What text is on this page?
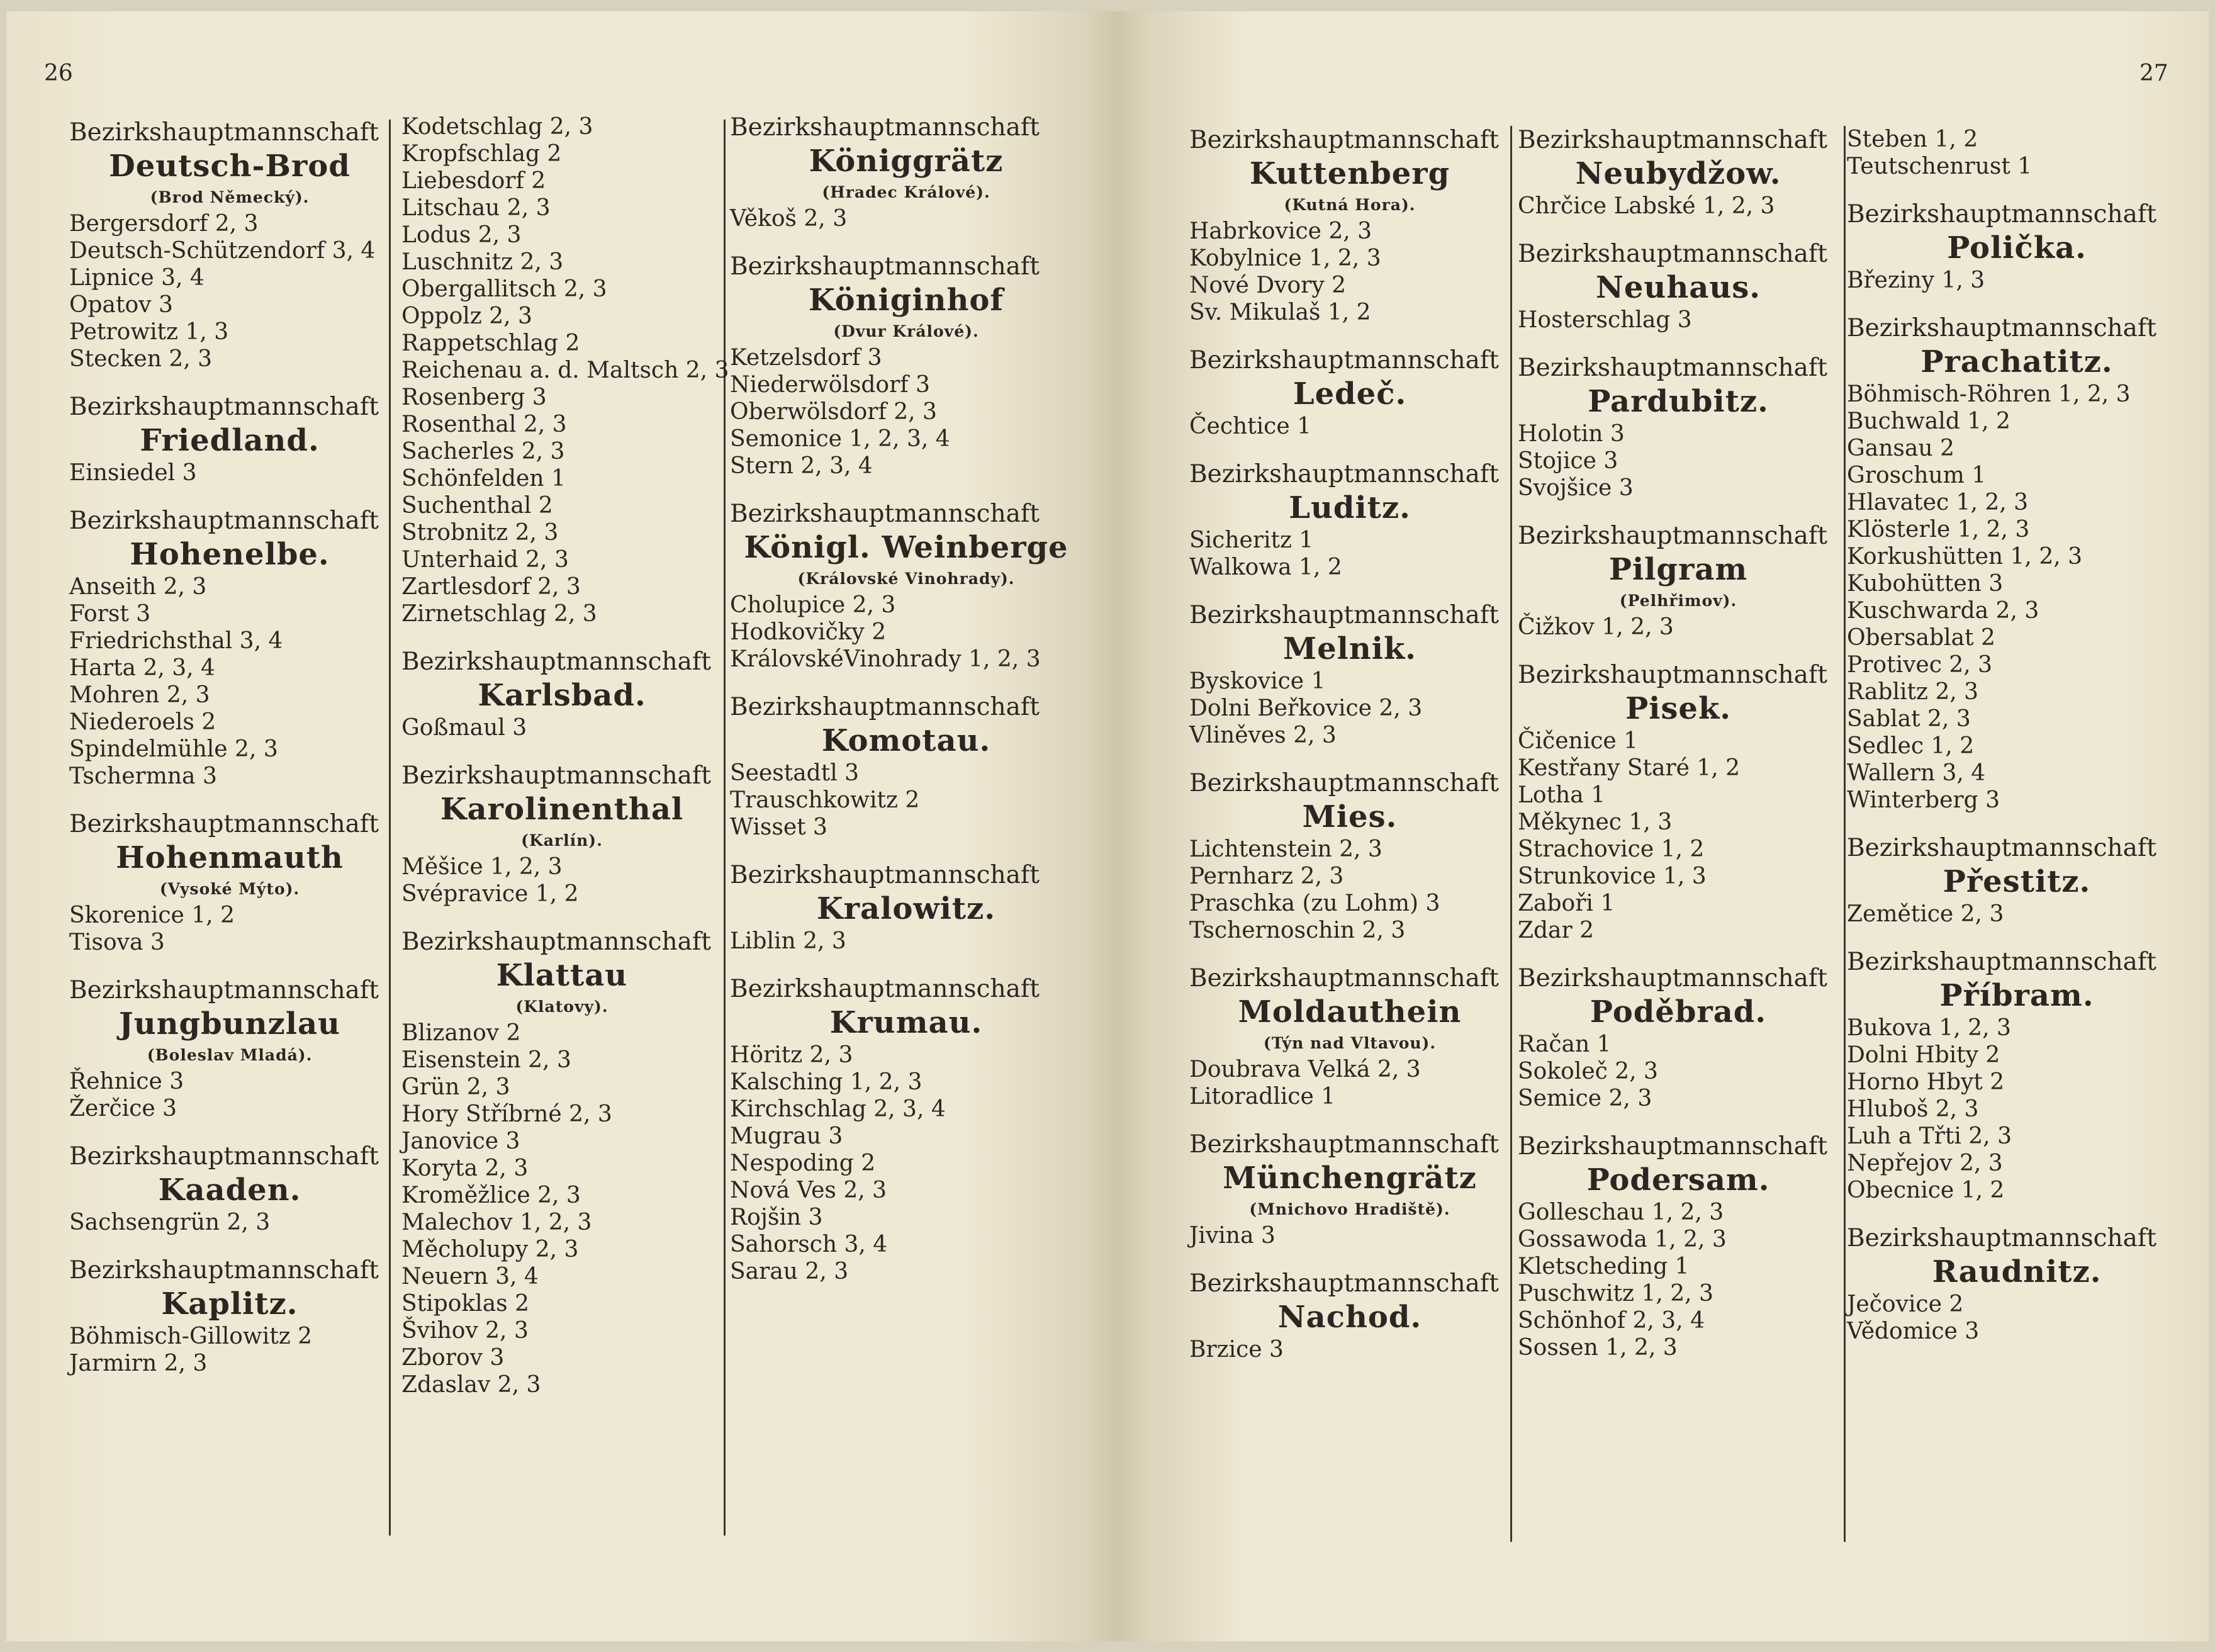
26	27
Bezirkshauptmannschaft
Deutsch-Brod
(Brod Německý).
Bergersdorf 2, 3
Deutsch-Schützendorf 3, 4
Lipnice 3, 4
Opatov 3
Petrowitz 1, 3
Stecken 2, 3
Bezirkshauptmannschaft
Friedland.
Einsiedel 3
Bezirkshauptmannschaft
Hohenelbe.
Anseith 2, 3
Forst 3
Friedrichsthal 3, 4
Harta 2, 3, 4
Mohren 2, 3
Niederoels 2
Spindelmühle 2, 3
Tschermna 3
Bezirkshauptmannschaft
Hohenmauth
(Vysoké Mýto).
Skorenice 1, 2
Tisova 3
Bezirkshauptmannschaft
Jungbunzlau
(Boleslav Mladá).
Řehnice 3
Žerčice 3
Bezirkshauptmannschaft
Kaaden.
Sachsengrün 2, 3
Bezirkshauptmannschaft
Kaplitz.
Böhmisch-Gillowitz 2
Jarmirn 2, 3
Kodetschlag 2, 3
Kropfschlag 2
Liebesdorf 2
Litschau 2, 3
Lodus 2, 3
Luschnitz 2, 3
Obergallitsch 2, 3
Oppolz 2, 3
Rappetschlag 2
Reichenau a. d. Maltsch 2, 3
Rosenberg 3
Rosenthal 2, 3
Sacherles 2, 3
Schönfelden 1
Suchenthal 2
Strobnitz 2, 3
Unterhaid 2, 3
Zartlesdorf 2, 3
Zirnetschlag 2, 3
Bezirkshauptmannschaft
Karlsbad.
Goßmaul 3
Bezirkshauptmannschaft
Karolinenthal
(Karlín).
Měšice 1, 2, 3
Svépravice 1, 2
Bezirkshauptmannschaft
Klattau
(Klatovy).
Blizanov 2
Eisenstein 2, 3
Grün 2, 3
Hory Stříbrné 2, 3
Janovice 3
Koryta 2, 3
Kroměžlice 2, 3
Malechov 1, 2, 3
Měcholupy 2, 3
Neuern 3, 4
Stipoklas 2
Švihov 2, 3
Zborov 3
Zdaslav 2, 3
Bezirkshauptmannschaft
Königgrätz
(Hradec Králové).
Věkoš 2, 3
Bezirkshauptmannschaft
Königinhof
(Dvur Králové).
Ketzelsdorf 3
Niederwölsdorf 3
Oberwölsdorf 2, 3
Semonice 1, 2, 3, 4
Stern 2, 3, 4
Bezirkshauptmannschaft
Königl. Weinberge
(Královské Vinohrady).
Cholupice 2, 3
Hodkovičky 2
KrálovskéVinohrady 1, 2, 3
Bezirkshauptmannschaft
Komotau.
Seestadtl 3
Trauschkowitz 2
Wisset 3
Bezirkshauptmannschaft
Kralowitz.
Liblin 2, 3
Bezirkshauptmannschaft
Krumau.
Höritz 2, 3
Kalsching 1, 2, 3
Kirchschlag 2, 3, 4
Mugrau 3
Nespoding 2
Nová Ves 2, 3
Rojšin 3
Sahorsch 3, 4
Sarau 2, 3
Bezirkshauptmannschaft
Kuttenberg
(Kutná Hora).
Habrkovice 2, 3
Kobylnice 1, 2, 3
Nové Dvory 2
Sv. Mikulaš 1, 2
Bezirkshauptmannschaft
Ledeč.
Čechtice 1
Bezirkshauptmannschaft
Luditz.
Sicheritz 1
Walkowa 1, 2
Bezirkshauptmannschaft
Melnik.
Byskovice 1
Dolni Beřkovice 2, 3
Vliněves 2, 3
Bezirkshauptmannschaft
Mies.
Lichtenstein 2, 3
Pernharz 2, 3
Praschka (zu Lohm) 3
Tschernoschin 2, 3
Bezirkshauptmannschaft
Moldauthein
(Týn nad Vltavou).
Doubrava Velká 2, 3
Litoradlice 1
Bezirkshauptmannschaft
Münchengrätz
(Mnichovo Hradiště).
Jivina 3
Bezirkshauptmannschaft
Nachod.
Brzice 3
Bezirkshauptmannschaft
Neubydžow.
Chrčice Labské 1, 2, 3
Bezirkshauptmannschaft
Neuhaus.
Hosterschlag 3
Bezirkshauptmannschaft
Pardubitz.
Holotin 3
Stojice 3
Svojšice 3
Bezirkshauptmannschaft
Pilgram
(Pelhřimov).
Čižkov 1, 2, 3
Bezirkshauptmannschaft
Pisek.
Čičenice 1
Kestřany Staré 1, 2
Lotha 1
Měkynec 1, 3
Strachovice 1, 2
Strunkovice 1, 3
Zaboři 1
Zdar 2
Bezirkshauptmannschaft
Poděbrad.
Račan 1
Sokoleč 2, 3
Semice 2, 3
Bezirkshauptmannschaft
Podersam.
Golleschau 1, 2, 3
Gossawoda 1, 2, 3
Kletscheding 1
Puschwitz 1, 2, 3
Schönhof 2, 3, 4
Sossen 1, 2, 3
Steben 1, 2
Teutschenrust 1
Bezirkshauptmannschaft
Polička.
Březiny 1, 3
Bezirkshauptmannschaft
Prachatitz.
Böhmisch-Röhren 1, 2, 3
Buchwald 1, 2
Gansau 2
Groschum 1
Hlavatec 1, 2, 3
Klösterle 1, 2, 3
Korkushütten 1, 2, 3
Kubohütten 3
Kuschwarda 2, 3
Obersablat 2
Protivec 2, 3
Rablitz 2, 3
Sablat 2, 3
Sedlec 1, 2
Wallern 3, 4
Winterberg 3
Bezirkshauptmannschaft
Přestitz.
Zemětice 2, 3
Bezirkshauptmannschaft
Příbram.
Bukova 1, 2, 3
Dolni Hbity 2
Horno Hbyt 2
Hluboš 2, 3
Luh a Třti 2, 3
Nepřejov 2, 3
Obecnice 1, 2
Bezirkshauptmannschaft
Raudnitz.
Ječovice 2
Vědomice 3
